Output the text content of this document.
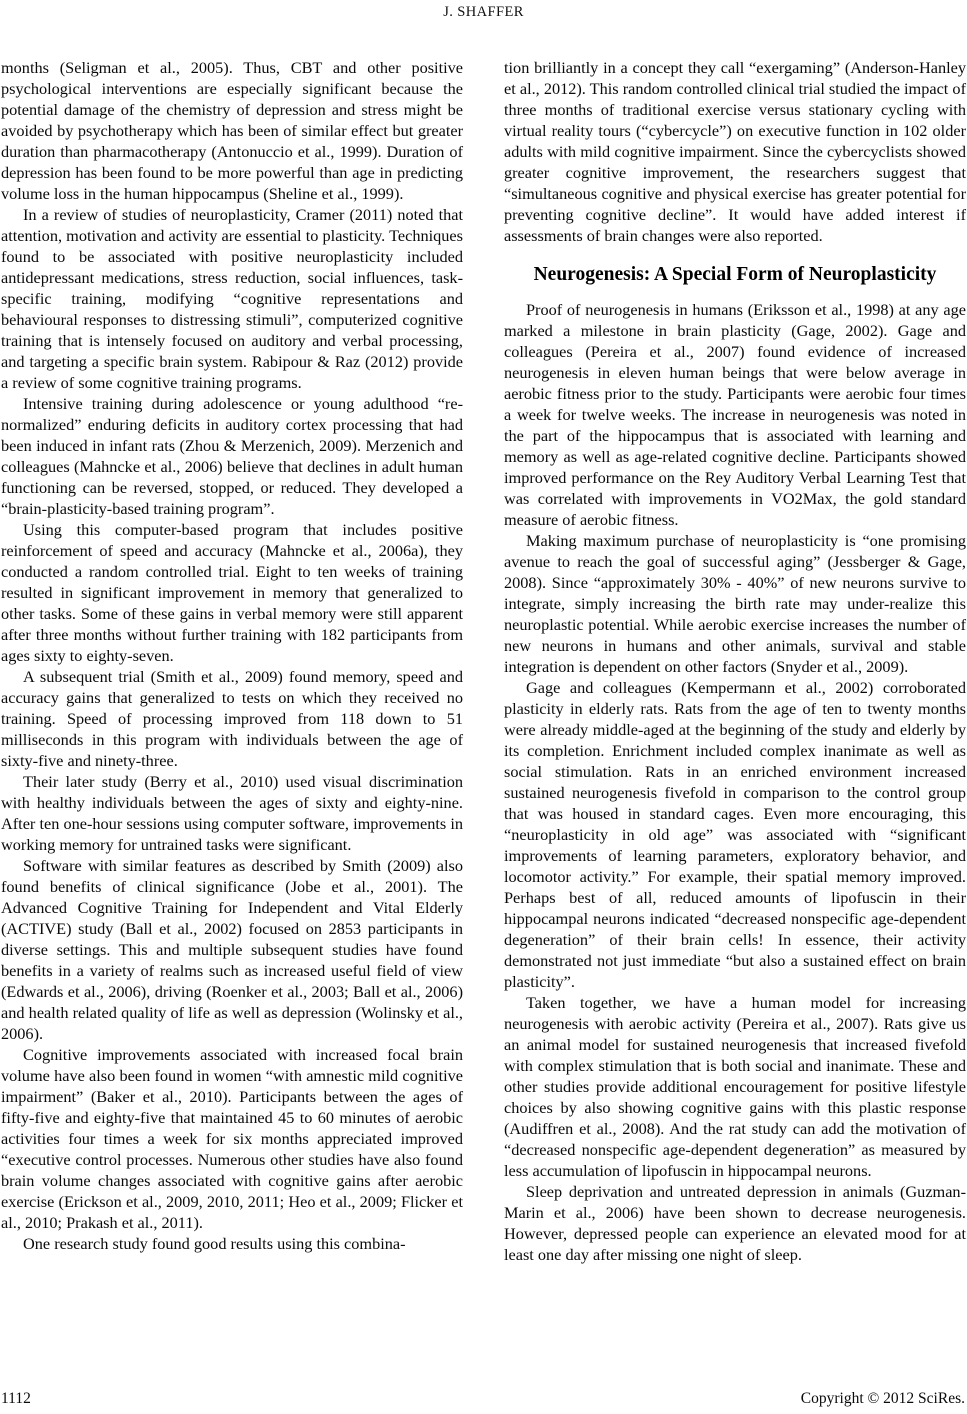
J. SHAFFER

months (Seligman et al., 2005). Thus, CBT and other positive psychological interventions are especially significant because the potential damage of the chemistry of depression and stress might be avoided by psychotherapy which has been of similar effect but greater duration than pharmacotherapy (Antonuccio et al., 1999). Duration of depression has been found to be more powerful than age in predicting volume loss in the human hippocampus (Sheline et al., 1999).

In a review of studies of neuroplasticity, Cramer (2011) noted that attention, motivation and activity are essential to plasticity. Techniques found to be associated with positive neuroplasticity included antidepressant medications, stress reduction, social influences, task-specific training, modifying “cognitive representations and behavioural responses to distressing stimuli”, computerized cognitive training that is intensely focused on auditory and verbal processing, and targeting a specific brain system. Rabipour & Raz (2012) provide a review of some cognitive training programs.

Intensive training during adolescence or young adulthood “re-normalized” enduring deficits in auditory cortex processing that had been induced in infant rats (Zhou & Merzenich, 2009). Merzenich and colleagues (Mahncke et al., 2006) believe that declines in adult human functioning can be reversed, stopped, or reduced. They developed a “brain-plasticity-based training program”.

Using this computer-based program that includes positive reinforcement of speed and accuracy (Mahncke et al., 2006a), they conducted a random controlled trial. Eight to ten weeks of training resulted in significant improvement in memory that generalized to other tasks. Some of these gains in verbal memory were still apparent after three months without further training with 182 participants from ages sixty to eighty-seven.

A subsequent trial (Smith et al., 2009) found memory, speed and accuracy gains that generalized to tests on which they received no training. Speed of processing improved from 118 down to 51 milliseconds in this program with individuals between the age of sixty-five and ninety-three.

Their later study (Berry et al., 2010) used visual discrimination with healthy individuals between the ages of sixty and eighty-nine. After ten one-hour sessions using computer software, improvements in working memory for untrained tasks were significant.

Software with similar features as described by Smith (2009) also found benefits of clinical significance (Jobe et al., 2001). The Advanced Cognitive Training for Independent and Vital Elderly (ACTIVE) study (Ball et al., 2002) focused on 2853 participants in diverse settings. This and multiple subsequent studies have found benefits in a variety of realms such as increased useful field of view (Edwards et al., 2006), driving (Roenker et al., 2003; Ball et al., 2006) and health related quality of life as well as depression (Wolinsky et al., 2006).

Cognitive improvements associated with increased focal brain volume have also been found in women “with amnestic mild cognitive impairment” (Baker et al., 2010). Participants between the ages of fifty-five and eighty-five that maintained 45 to 60 minutes of aerobic activities four times a week for six months appreciated improved “executive control processes. Numerous other studies have also found brain volume changes associated with cognitive gains after aerobic exercise (Erickson et al., 2009, 2010, 2011; Heo et al., 2009; Flicker et al., 2010; Prakash et al., 2011).

One research study found good results using this combina-

tion brilliantly in a concept they call “exergaming” (Anderson-Hanley et al., 2012). This random controlled clinical trial studied the impact of three months of traditional exercise versus stationary cycling with virtual reality tours (“cybercycle”) on executive function in 102 older adults with mild cognitive impairment. Since the cybercyclists showed greater cognitive improvement, the researchers suggest that “simultaneous cognitive and physical exercise has greater potential for preventing cognitive decline”. It would have added interest if assessments of brain changes were also reported.

Neurogenesis: A Special Form of Neuroplasticity

Proof of neurogenesis in humans (Eriksson et al., 1998) at any age marked a milestone in brain plasticity (Gage, 2002). Gage and colleagues (Pereira et al., 2007) found evidence of increased neurogenesis in eleven human beings that were below average in aerobic fitness prior to the study. Participants were aerobic four times a week for twelve weeks. The increase in neurogenesis was noted in the part of the hippocampus that is associated with learning and memory as well as age-related cognitive decline. Participants showed improved performance on the Rey Auditory Verbal Learning Test that was correlated with improvements in VO2Max, the gold standard measure of aerobic fitness.

Making maximum purchase of neuroplasticity is “one promising avenue to reach the goal of successful aging” (Jessberger & Gage, 2008). Since “approximately 30% - 40%” of new neurons survive to integrate, simply increasing the birth rate may under-realize this neuroplastic potential. While aerobic exercise increases the number of new neurons in humans and other animals, survival and stable integration is dependent on other factors (Snyder et al., 2009).

Gage and colleagues (Kempermann et al., 2002) corroborated plasticity in elderly rats. Rats from the age of ten to twenty months were already middle-aged at the beginning of the study and elderly by its completion. Enrichment included complex inanimate as well as social stimulation. Rats in an enriched environment increased sustained neurogenesis fivefold in comparison to the control group that was housed in standard cages. Even more encouraging, this “neuroplasticity in old age” was associated with “significant improvements of learning parameters, exploratory behavior, and locomotor activity.” For example, their spatial memory improved. Perhaps best of all, reduced amounts of lipofuscin in their hippocampal neurons indicated “decreased nonspecific age-dependent degeneration” of their brain cells! In essence, their activity demonstrated not just immediate “but also a sustained effect on brain plasticity”.

Taken together, we have a human model for increasing neurogenesis with aerobic activity (Pereira et al., 2007). Rats give us an animal model for sustained neurogenesis that increased fivefold with complex stimulation that is both social and inanimate. These and other studies provide additional encouragement for positive lifestyle choices by also showing cognitive gains with this plastic response (Audiffren et al., 2008). And the rat study can add the motivation of “decreased nonspecific age-dependent degeneration” as measured by less accumulation of lipofuscin in hippocampal neurons.

Sleep deprivation and untreated depression in animals (Guzman-Marin et al., 2006) have been shown to decrease neurogenesis. However, depressed people can experience an elevated mood for at least one day after missing one night of sleep.

1112	Copyright © 2012 SciRes.
